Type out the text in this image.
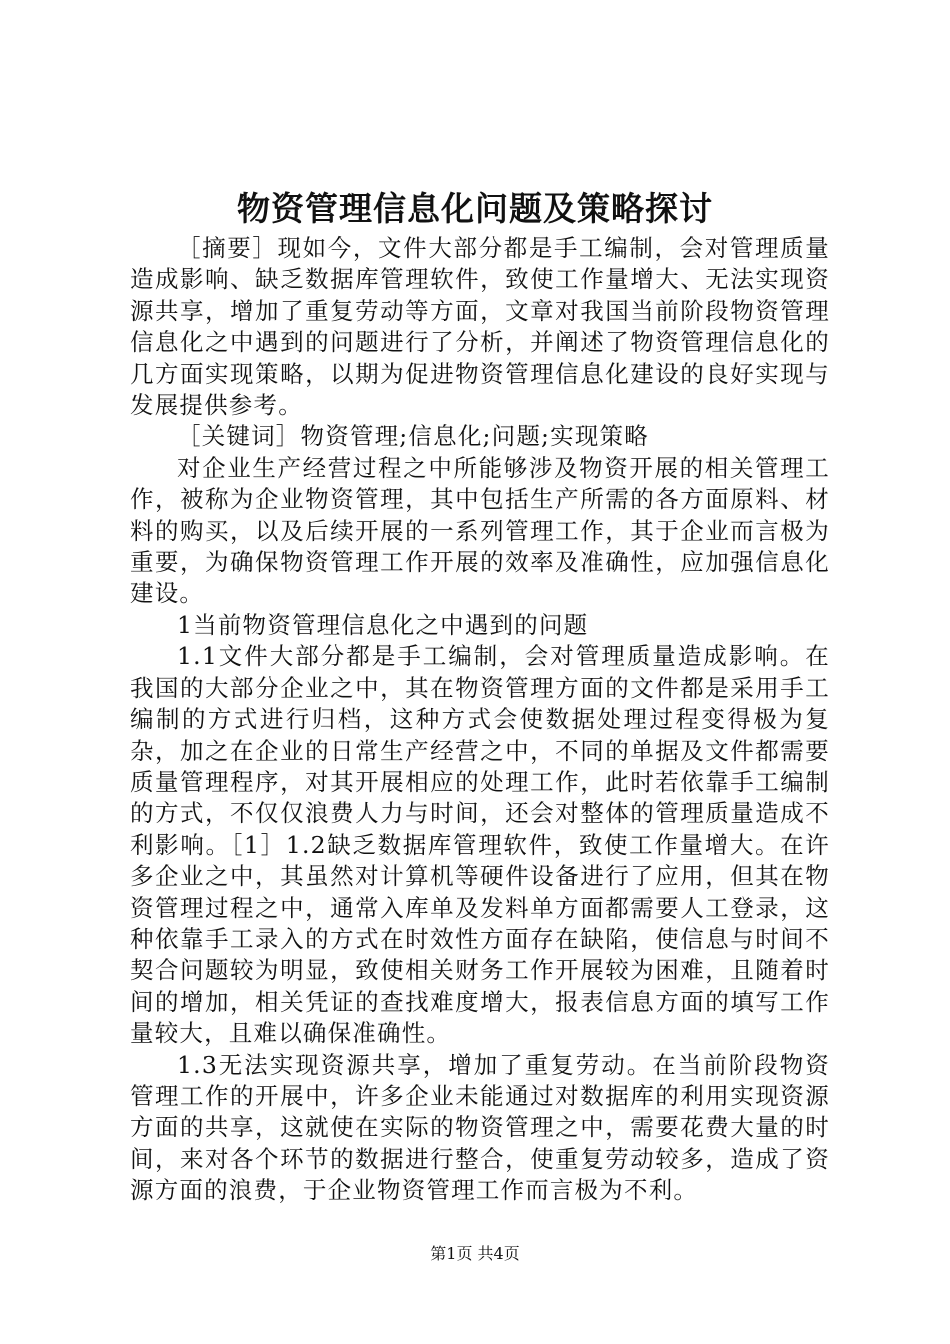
物资管理信息化问题及策略探讨

［摘要］现如今，文件大部分都是手工编制，会对管理质量造成影响、缺乏数据库管理软件，致使工作量增大、无法实现资源共享，增加了重复劳动等方面，文章对我国当前阶段物资管理信息化之中遇到的问题进行了分析，并阐述了物资管理信息化的几方面实现策略，以期为促进物资管理信息化建设的良好实现与发展提供参考。

［关键词］物资管理;信息化;问题;实现策略

对企业生产经营过程之中所能够涉及物资开展的相关管理工作，被称为企业物资管理，其中包括生产所需的各方面原料、材料的购买，以及后续开展的一系列管理工作，其于企业而言极为重要，为确保物资管理工作开展的效率及准确性，应加强信息化建设。

1当前物资管理信息化之中遇到的问题

1.1文件大部分都是手工编制，会对管理质量造成影响。在我国的大部分企业之中，其在物资管理方面的文件都是采用手工编制的方式进行归档，这种方式会使数据处理过程变得极为复杂，加之在企业的日常生产经营之中，不同的单据及文件都需要质量管理程序，对其开展相应的处理工作，此时若依靠手工编制的方式，不仅仅浪费人力与时间，还会对整体的管理质量造成不利影响。［1］1.2缺乏数据库管理软件，致使工作量增大。在许多企业之中，其虽然对计算机等硬件设备进行了应用，但其在物资管理过程之中，通常入库单及发料单方面都需要人工登录，这种依靠手工录入的方式在时效性方面存在缺陷，使信息与时间不契合问题较为明显，致使相关财务工作开展较为困难，且随着时间的增加，相关凭证的查找难度增大，报表信息方面的填写工作量较大，且难以确保准确性。

1.3无法实现资源共享，增加了重复劳动。在当前阶段物资管理工作的开展中，许多企业未能通过对数据库的利用实现资源方面的共享，这就使在实际的物资管理之中，需要花费大量的时间，来对各个环节的数据进行整合，使重复劳动较多，造成了资源方面的浪费，于企业物资管理工作而言极为不利。

第1页 共4页
